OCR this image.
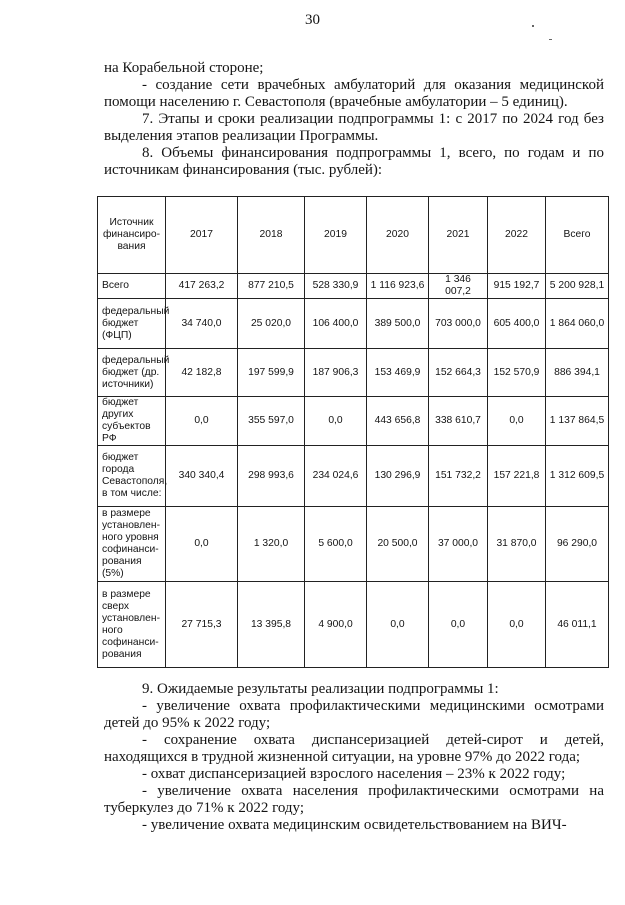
30

на Корабельной стороне;

- создание сети врачебных амбулаторий для оказания медицинской помощи населению г. Севастополя (врачебные амбулатории – 5 единиц).

7. Этапы и сроки реализации подпрограммы 1: с 2017 по 2024 год без выделения этапов реализации Программы.

8. Объемы финансирования подпрограммы 1, всего, по годам и по источникам финансирования (тыс. рублей):

Источник финансиро-вания	2017	2018	2019	2020	2021	2022	Всего
Всего	417 263,2	877 210,5	528 330,9	1 116 923,6	1 346 007,2	915 192,7	5 200 928,1
федеральный бюджет (ФЦП)	34 740,0	25 020,0	106 400,0	389 500,0	703 000,0	605 400,0	1 864 060,0
федеральный бюджет (др. источники)	42 182,8	197 599,9	187 906,3	153 469,9	152 664,3	152 570,9	886 394,1
бюджет других субъектов РФ	0,0	355 597,0	0,0	443 656,8	338 610,7	0,0	1 137 864,5
бюджет города Севастополя, в том числе:	340 340,4	298 993,6	234 024,6	130 296,9	151 732,2	157 221,8	1 312 609,5
в размере установлен-ного уровня софинанси-рования (5%)	0,0	1 320,0	5 600,0	20 500,0	37 000,0	31 870,0	96 290,0
в размере сверх установлен-ного софинанси-рования	27 715,3	13 395,8	4 900,0	0,0	0,0	0,0	46 011,1

9. Ожидаемые результаты реализации подпрограммы 1:

- увеличение охвата профилактическими медицинскими осмотрами детей до 95% к 2022 году;

- сохранение охвата диспансеризацией детей-сирот и детей, находящихся в трудной жизненной ситуации, на уровне 97% до 2022 года;

- охват диспансеризацией взрослого населения – 23% к 2022 году;

- увеличение охвата населения профилактическими осмотрами на туберкулез до 71% к 2022 году;

- увеличение охвата медицинским освидетельствованием на ВИЧ-
